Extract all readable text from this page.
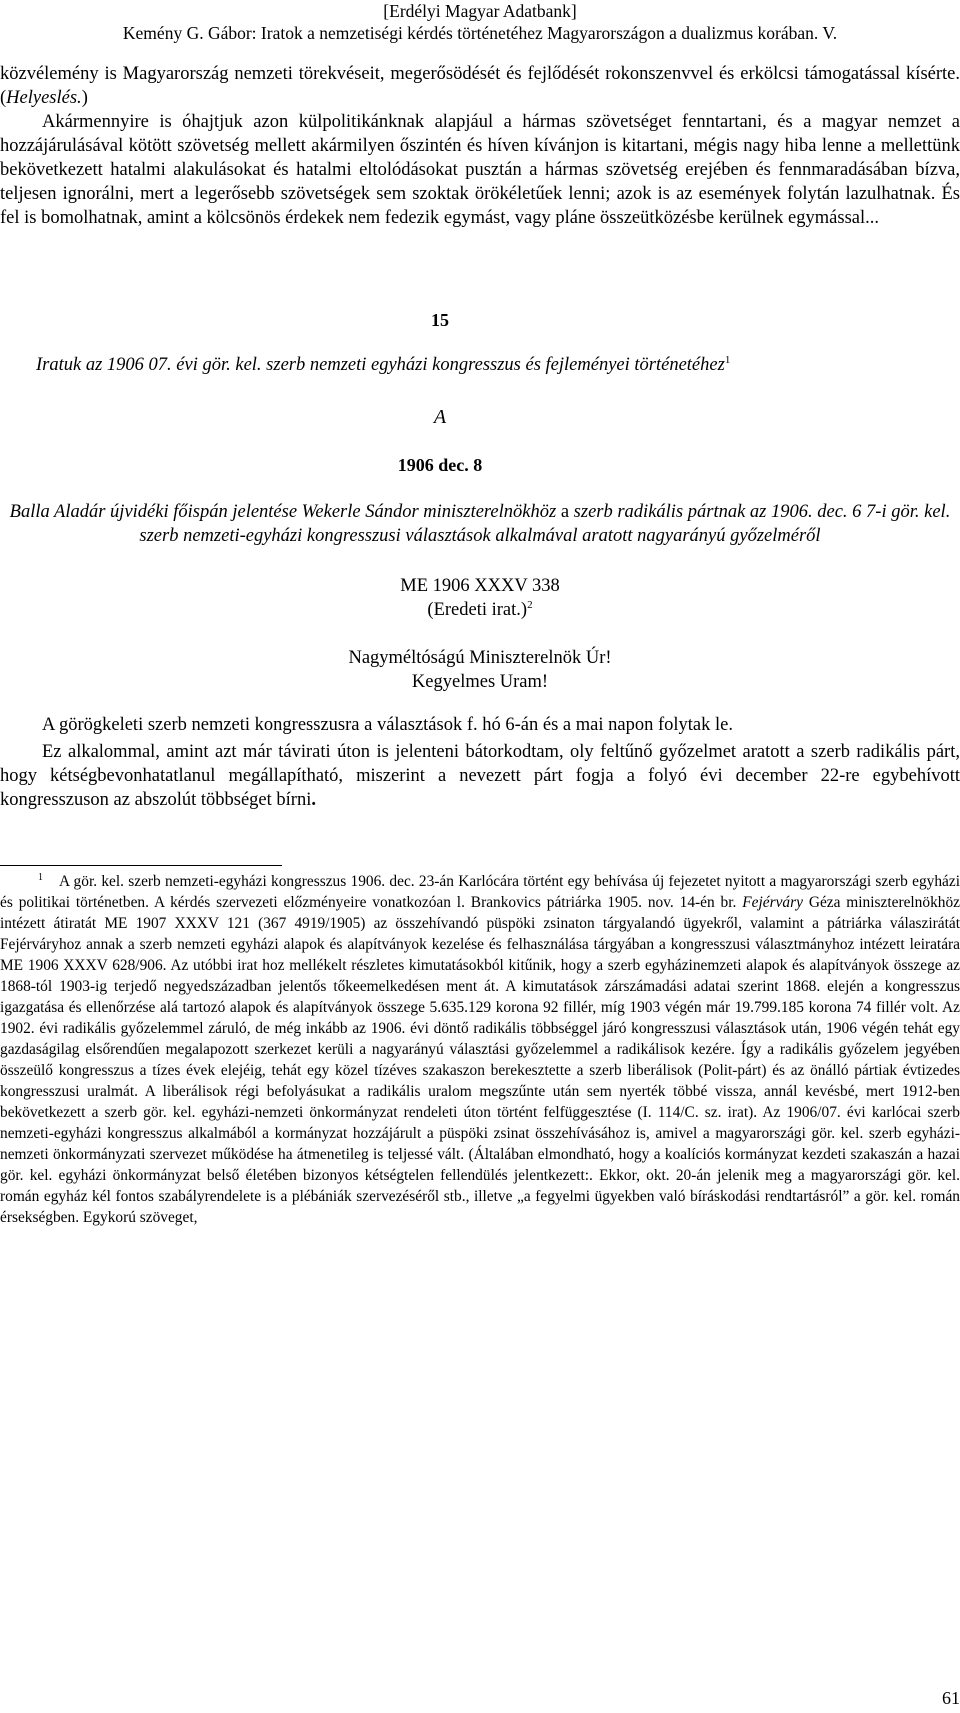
[Erdélyi Magyar Adatbank]
Kemény G. Gábor: Iratok a nemzetiségi kérdés történetéhez Magyarországon a dualizmus korában. V.

közvélemény is Magyarország nemzeti törekvéseit, megerősödését és fejlődését rokonszenvvel és erkölcsi támogatással kísérte. (Helyeslés.)

Akármennyire is óhajtjuk azon külpolitikánknak alapjául a hármas szövetséget fenntartani, és a magyar nemzet a hozzájárulásával kötött szövetség mellett akármilyen őszintén és híven kívánjon is kitartani, mégis nagy hiba lenne a mellettünk bekövetkezett hatalmi alakulásokat és hatalmi eltolódásokat pusztán a hármas szövetség erejében és fennmaradásában bízva, teljesen ignorálni, mert a legerősebb szövetségek sem szoktak örökéletűek lenni; azok is az események folytán lazulhatnak. És fel is bomolhatnak, amint a kölcsönös érdekek nem fedezik egymást, vagy pláne összeütközésbe kerülnek egymással...

15
Iratuk az 1906 07. évi gör. kel. szerb nemzeti egyházi kongresszus és fejleményei történetéhez$^1$
A
1906 dec. 8
Balla Aladár újvidéki főispán jelentése Wekerle Sándor miniszterelnökhöz a szerb radikális pártnak az 1906. dec. 6 7-i gör. kel. szerb nemzeti-egyházi kongresszusi választások alkalmával aratott nagyarányú győzelméről
ME 1906 XXXV 338
(Eredeti irat.)$^2$
Nagyméltóságú Miniszterelnök Úr!
Kegyelmes Uram!

A görögkeleti szerb nemzeti kongresszusra a választások f. hó 6-án és a mai napon folytak le.

Ez alkalommal, amint azt már távirati úton is jelenteni bátorkodtam, oly feltűnő győzelmet aratott a szerb radikális párt, hogy kétségbevonhatatlanul megállapítható, miszerint a nevezett párt fogja a folyó évi december 22-re egybehívott kongresszuson az abszolút többséget bírni.

$^1$ A gör. kel. szerb nemzeti-egyházi kongresszus 1906. dec. 23-án Karlócára történt egy behívása új fejezetet nyitott a magyarországi szerb egyházi és politikai történetben. A kérdés szervezeti előzményeire vonatkozóan l. Brankovics pátriárka 1905. nov. 14-én br. Fejérváry Géza miniszterelnökhöz intézett átiratát ME 1907 XXXV 121 (367 4919/1905) az összehívandó püspöki zsinaton tárgyalandó ügyekről, valamint a pátriárka válaszirátát Fejérváryhoz annak a szerb nemzeti egyházi alapok és alapítványok kezelése és felhasználása tárgyában a kongresszusi választmányhoz intézett leiratára ME 1906 XXXV 628/906. Az utóbbi irat hoz mellékelt részletes kimutatásokból kitűnik, hogy a szerb egyházinemzeti alapok és alapítványok összege az 1868-tól 1903-ig terjedő negyedszázadban jelentős tőkeemelkedésen ment át. A kimutatások zárszámadási adatai szerint 1868. elején a kongresszus igazgatása és ellenőrzése alá tartozó alapok és alapítványok összege 5.635.129 korona 92 fillér, míg 1903 végén már 19.799.185 korona 74 fillér volt. Az 1902. évi radikális győzelemmel záruló, de még inkább az 1906. évi döntő radikális többséggel járó kongresszusi választások után, 1906 végén tehát egy gazdaságilag elsőrendűen megalapozott szerkezet kerüli a nagyarányú választási győzelemmel a radikálisok kezére. Így a radikális győzelem jegyében összeülő kongresszus a tízes évek elejéig, tehát egy közel tízéves szakaszon berekesztette a szerb liberálisok (Polit-párt) és az önálló pártiak évtizedes kongresszusi uralmát. A liberálisok régi befolyásukat a radikális uralom megszűnte után sem nyerték többé vissza, annál kevésbé, mert 1912-ben bekövetkezett a szerb gör. kel. egyházi-nemzeti önkormányzat rendeleti úton történt felfüggesztése (I. 114/C. sz. irat). Az 1906/07. évi karlócai szerb nemzeti-egyházi kongresszus alkalmából a kormányzat hozzájárult a püspöki zsinat összehívásához is, amivel a magyarországi gör. kel. szerb egyházi-nemzeti önkormányzati szervezet működése ha átmenetileg is teljessé vált. (Általában elmondható, hogy a koalíciós kormányzat kezdeti szakaszán a hazai gör. kel. egyházi önkormányzat belső életében bizonyos kétségtelen fellendülés jelentkezett:. Ekkor, okt. 20-án jelenik meg a magyarországi gör. kel. román egyház kél fontos szabályrendelete is a plébániák szervezéséről stb., illetve „a fegyelmi ügyekben való bíráskodási rendtartásról” a gör. kel. román érsekségben. Egykorú szöveget,

61
